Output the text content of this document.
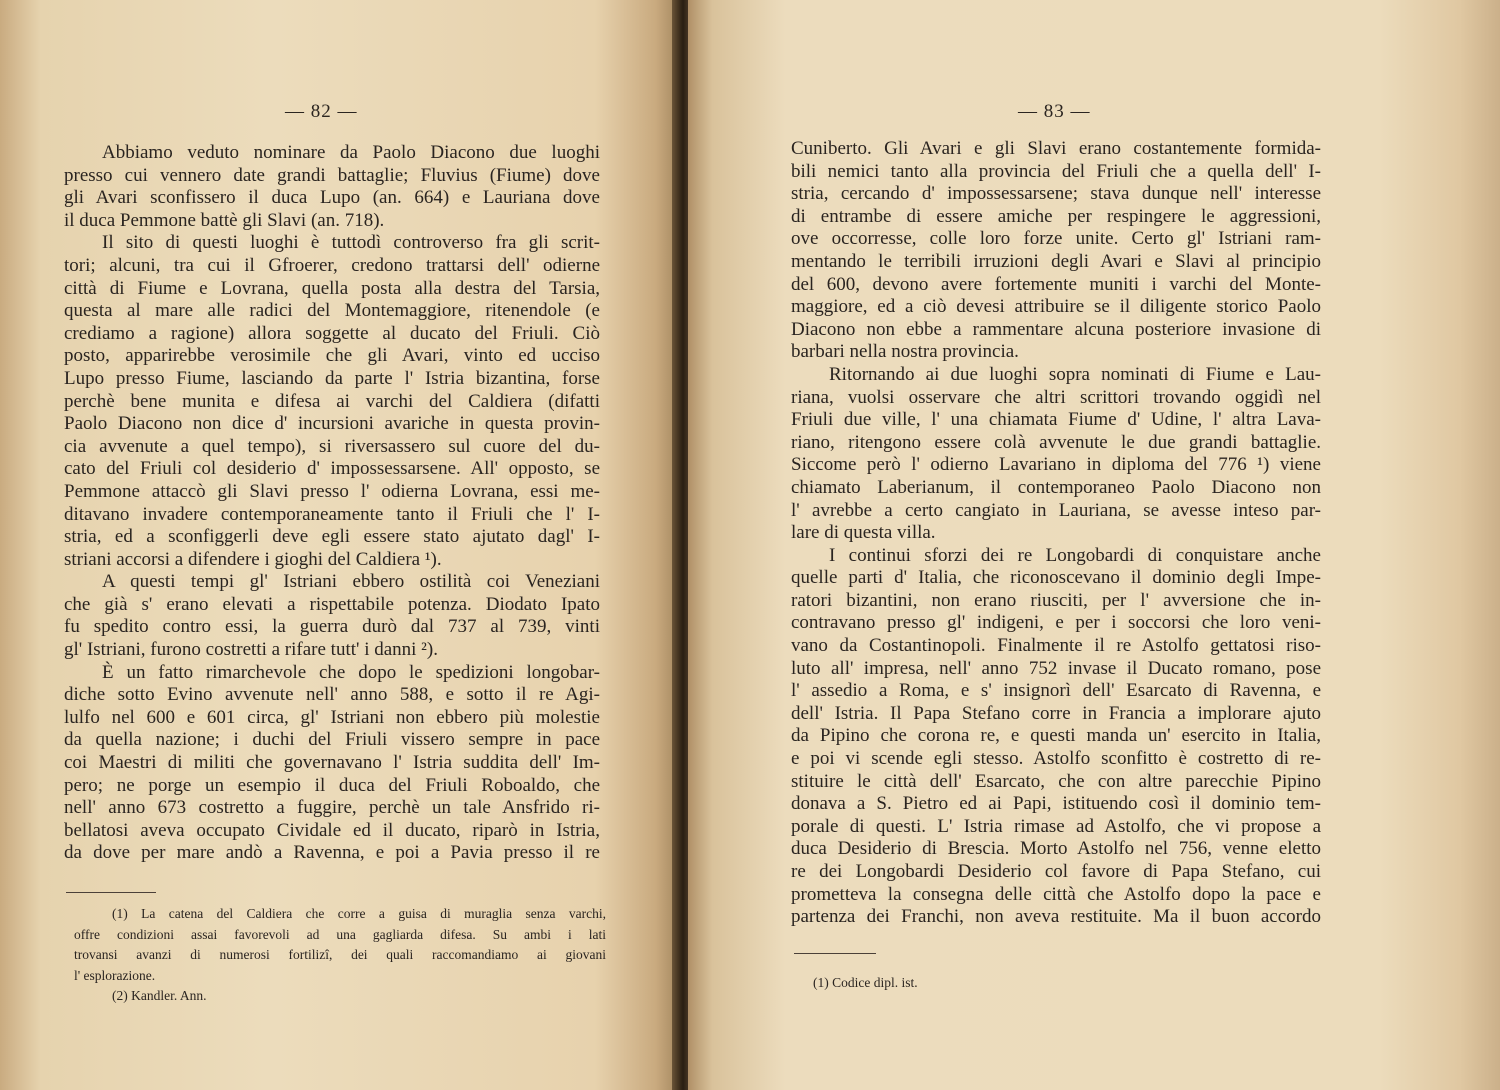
— 82 —
Abbiamo veduto nominare da Paolo Diacono due luoghi
presso cui vennero date grandi battaglie; Fluvius (Fiume) dove
gli Avari sconfissero il duca Lupo (an. 664) e Lauriana dove
il duca Pemmone battè gli Slavi (an. 718).
Il sito di questi luoghi è tuttodì controverso fra gli scrit-
tori; alcuni, tra cui il Gfroerer, credono trattarsi dell' odierne
città di Fiume e Lovrana, quella posta alla destra del Tarsia,
questa al mare alle radici del Montemaggiore, ritenendole (e
crediamo a ragione) allora soggette al ducato del Friuli. Ciò
posto, apparirebbe verosimile che gli Avari, vinto ed ucciso
Lupo presso Fiume, lasciando da parte l' Istria bizantina, forse
perchè bene munita e difesa ai varchi del Caldiera (difatti
Paolo Diacono non dice d' incursioni avariche in questa provin-
cia avvenute a quel tempo), si riversassero sul cuore del du-
cato del Friuli col desiderio d' impossessarsene. All' opposto, se
Pemmone attaccò gli Slavi presso l' odierna Lovrana, essi me-
ditavano invadere contemporaneamente tanto il Friuli che l' I-
stria, ed a sconfiggerli deve egli essere stato ajutato dagl' I-
striani accorsi a difendere i gioghi del Caldiera ¹).
A questi tempi gl' Istriani ebbero ostilità coi Veneziani
che già s' erano elevati a rispettabile potenza. Diodato Ipato
fu spedito contro essi, la guerra durò dal 737 al 739, vinti
gl' Istriani, furono costretti a rifare tutt' i danni ²).
È un fatto rimarchevole che dopo le spedizioni longobar-
diche sotto Evino avvenute nell' anno 588, e sotto il re Agi-
lulfo nel 600 e 601 circa, gl' Istriani non ebbero più molestie
da quella nazione; i duchi del Friuli vissero sempre in pace
coi Maestri di militi che governavano l' Istria suddita dell' Im-
pero; ne porge un esempio il duca del Friuli Roboaldo, che
nell' anno 673 costretto a fuggire, perchè un tale Ansfrido ri-
bellatosi aveva occupato Cividale ed il ducato, riparò in Istria,
da dove per mare andò a Ravenna, e poi a Pavia presso il re
(1) La catena del Caldiera che corre a guisa di muraglia senza varchi,
offre condizioni assai favorevoli ad una gagliarda difesa. Su ambi i lati
trovansi avanzi di numerosi fortilizî, dei quali raccomandiamo ai giovani
l' esplorazione.
(2) Kandler. Ann.
— 83 —
Cuniberto. Gli Avari e gli Slavi erano costantemente formida-
bili nemici tanto alla provincia del Friuli che a quella dell' I-
stria, cercando d' impossessarsene; stava dunque nell' interesse
di entrambe di essere amiche per respingere le aggressioni,
ove occorresse, colle loro forze unite. Certo gl' Istriani ram-
mentando le terribili irruzioni degli Avari e Slavi al principio
del 600, devono avere fortemente muniti i varchi del Monte-
maggiore, ed a ciò devesi attribuire se il diligente storico Paolo
Diacono non ebbe a rammentare alcuna posteriore invasione di
barbari nella nostra provincia.
Ritornando ai due luoghi sopra nominati di Fiume e Lau-
riana, vuolsi osservare che altri scrittori trovando oggidì nel
Friuli due ville, l' una chiamata Fiume d' Udine, l' altra Lava-
riano, ritengono essere colà avvenute le due grandi battaglie.
Siccome però l' odierno Lavariano in diploma del 776 ¹) viene
chiamato Laberianum, il contemporaneo Paolo Diacono non
l' avrebbe a certo cangiato in Lauriana, se avesse inteso par-
lare di questa villa.
I continui sforzi dei re Longobardi di conquistare anche
quelle parti d' Italia, che riconoscevano il dominio degli Impe-
ratori bizantini, non erano riusciti, per l' avversione che in-
contravano presso gl' indigeni, e per i soccorsi che loro veni-
vano da Costantinopoli. Finalmente il re Astolfo gettatosi riso-
luto all' impresa, nell' anno 752 invase il Ducato romano, pose
l' assedio a Roma, e s' insignorì dell' Esarcato di Ravenna, e
dell' Istria. Il Papa Stefano corre in Francia a implorare ajuto
da Pipino che corona re, e questi manda un' esercito in Italia,
e poi vi scende egli stesso. Astolfo sconfitto è costretto di re-
stituire le città dell' Esarcato, che con altre parecchie Pipino
donava a S. Pietro ed ai Papi, istituendo così il dominio tem-
porale di questi. L' Istria rimase ad Astolfo, che vi propose a
duca Desiderio di Brescia. Morto Astolfo nel 756, venne eletto
re dei Longobardi Desiderio col favore di Papa Stefano, cui
prometteva la consegna delle città che Astolfo dopo la pace e
partenza dei Franchi, non aveva restituite. Ma il buon accordo
(1) Codice dipl. ist.
